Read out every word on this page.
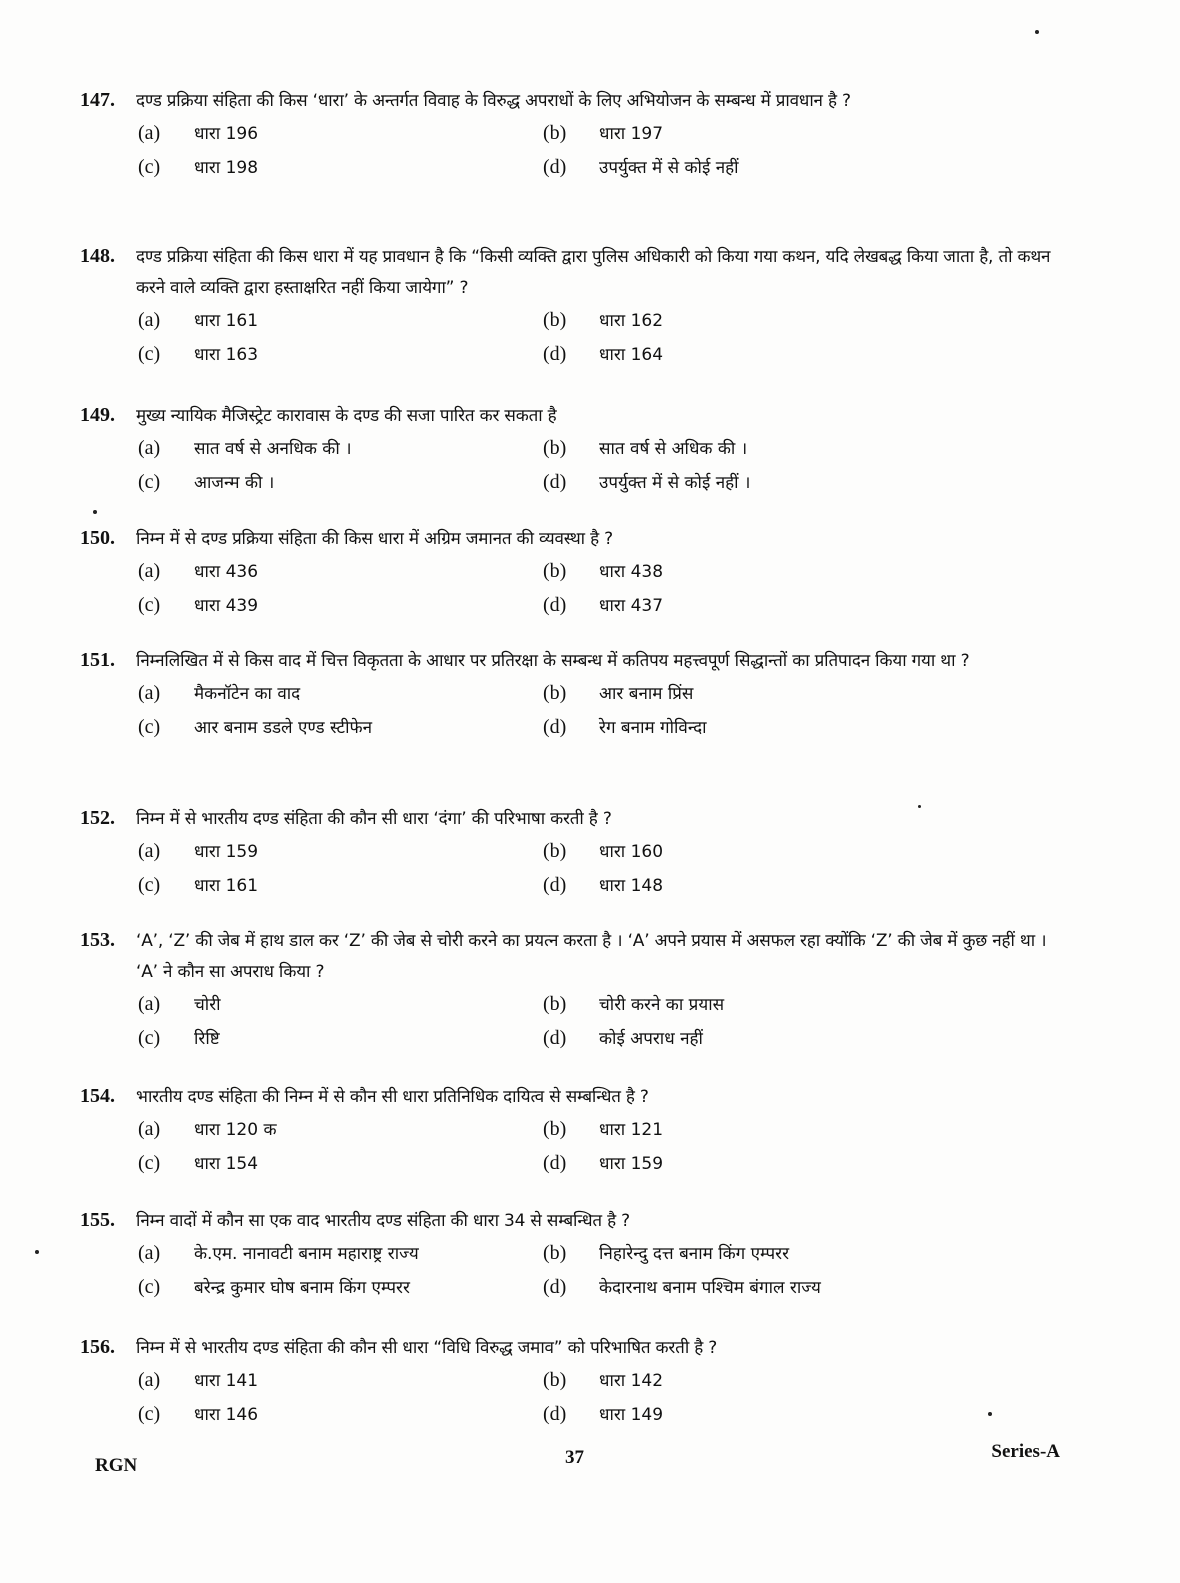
147.	दण्ड प्रक्रिया संहिता की किस ‘धारा’ के अन्तर्गत विवाह के विरुद्ध अपराधों के लिए अभियोजन के सम्बन्ध में प्रावधान है ?
(a)	धारा 196	(b)	धारा 197
(c)	धारा 198	(d)	उपर्युक्त में से कोई नहीं
148.	दण्ड प्रक्रिया संहिता की किस धारा में यह प्रावधान है कि “किसी व्यक्ति द्वारा पुलिस अधिकारी को किया गया कथन, यदि लेखबद्ध किया जाता है, तो कथन करने वाले व्यक्ति द्वारा हस्ताक्षरित नहीं किया जायेगा” ?
(a)	धारा 161	(b)	धारा 162
(c)	धारा 163	(d)	धारा 164
149.	मुख्य न्यायिक मैजिस्ट्रेट कारावास के दण्ड की सजा पारित कर सकता है
(a)	सात वर्ष से अनधिक की ।	(b)	सात वर्ष से अधिक की ।
(c)	आजन्म की ।	(d)	उपर्युक्त में से कोई नहीं ।
150.	निम्न में से दण्ड प्रक्रिया संहिता की किस धारा में अग्रिम जमानत की व्यवस्था है ?
(a)	धारा 436	(b)	धारा 438
(c)	धारा 439	(d)	धारा 437
151.	निम्नलिखित में से किस वाद में चित्त विकृतता के आधार पर प्रतिरक्षा के सम्बन्ध में कतिपय महत्त्वपूर्ण सिद्धान्तों का प्रतिपादन किया गया था ?
(a)	मैकनॉटेन का वाद	(b)	आर बनाम प्रिंस
(c)	आर बनाम डडले एण्ड स्टीफेन	(d)	रेग बनाम गोविन्दा
152.	निम्न में से भारतीय दण्ड संहिता की कौन सी धारा ‘दंगा’ की परिभाषा करती है ?
(a)	धारा 159	(b)	धारा 160
(c)	धारा 161	(d)	धारा 148
153.	‘A’, ‘Z’ की जेब में हाथ डाल कर ‘Z’ की जेब से चोरी करने का प्रयत्न करता है । ‘A’ अपने प्रयास में असफल रहा क्योंकि ‘Z’ की जेब में कुछ नहीं था । ‘A’ ने कौन सा अपराध किया ?
(a)	चोरी	(b)	चोरी करने का प्रयास
(c)	रिष्टि	(d)	कोई अपराध नहीं
154.	भारतीय दण्ड संहिता की निम्न में से कौन सी धारा प्रतिनिधिक दायित्व से सम्बन्धित है ?
(a)	धारा 120 क	(b)	धारा 121
(c)	धारा 154	(d)	धारा 159
155.	निम्न वादों में कौन सा एक वाद भारतीय दण्ड संहिता की धारा 34 से सम्बन्धित है ?
(a)	के.एम. नानावटी बनाम महाराष्ट्र राज्य	(b)	निहारेन्दु दत्त बनाम किंग एम्परर
(c)	बरेन्द्र कुमार घोष बनाम किंग एम्परर	(d)	केदारनाथ बनाम पश्चिम बंगाल राज्य
156.	निम्न में से भारतीय दण्ड संहिता की कौन सी धारा “विधि विरुद्ध जमाव” को परिभाषित करती है ?
(a)	धारा 141	(b)	धारा 142
(c)	धारा 146	(d)	धारा 149
RGN	37	Series-A
